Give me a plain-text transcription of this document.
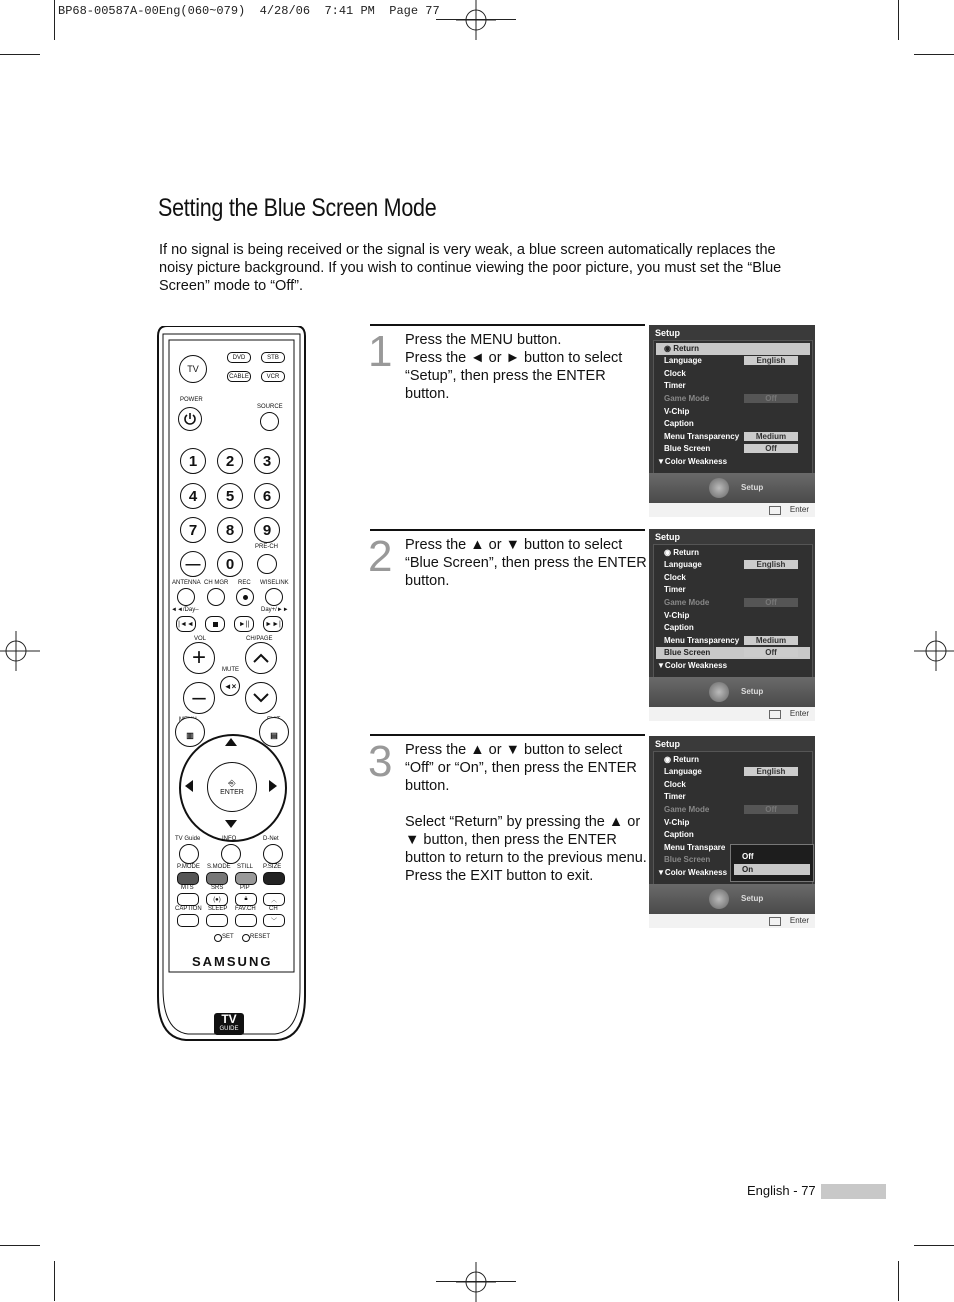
BP68-00587A-00Eng(060~079)  4/28/06  7:41 PM  Page 77
Setting the Blue Screen Mode
If no signal is being received or the signal is very weak, a blue screen automatically replaces the noisy picture background. If you wish to continue viewing the poor picture, you must set the “Blue Screen” mode to “Off”.
TV
DVD	STB
CABLE	VCR
POWER
SOURCE
1 2 3
4 5 6
7 8 9
— 0
PRE-CH
ANTENNA CH MGR REC WISELINK
◄◄/Day–	Day+/►►
|◄◄	►|| ►►|
VOL	CH/PAGE
MUTE
+
◄×
–
▥	▤
⎆
ENTER
TV Guide	INFO	D-Net
P.MODE S.MODE STILL P.SIZE
MTS	SRS	PIP
(●)	🔒︎	︿
CAPTION SLEEP FAV.CH CH
﹀
SET	RESET
SAMSUNG
TV
GUIDE
1 Press the MENU button.

Press the ◄ or ► button to select “Setup”, then press the ENTER button.
Setup
◉ Return
Language	English
Clock
Timer
Game Mode	Off
V-Chip
Caption
Menu Transparency	Medium
Blue Screen	Off
▼Color Weakness
Setup
Enter
2 Press the ▲ or ▼ button to select “Blue Screen”, then press the ENTER button.
Setup
◉ Return
Language	English
Clock
Timer
Game Mode	Off
V-Chip
Caption
Menu Transparency	Medium
Blue Screen	Off
▼Color Weakness
Setup
Enter
3 Press the ▲ or ▼ button to select “Off” or “On”, then press the ENTER button.

Select “Return” by pressing the ▲ or ▼ button, then press the ENTER button to return to the previous menu. Press the EXIT button to exit.

Setup
◉ Return
Language	English
Clock
Timer
Game Mode	Off
V-Chip
Caption
Menu Transpare
Blue Screen
▼Color Weakness
Off
On
Setup
Enter
English - 77
